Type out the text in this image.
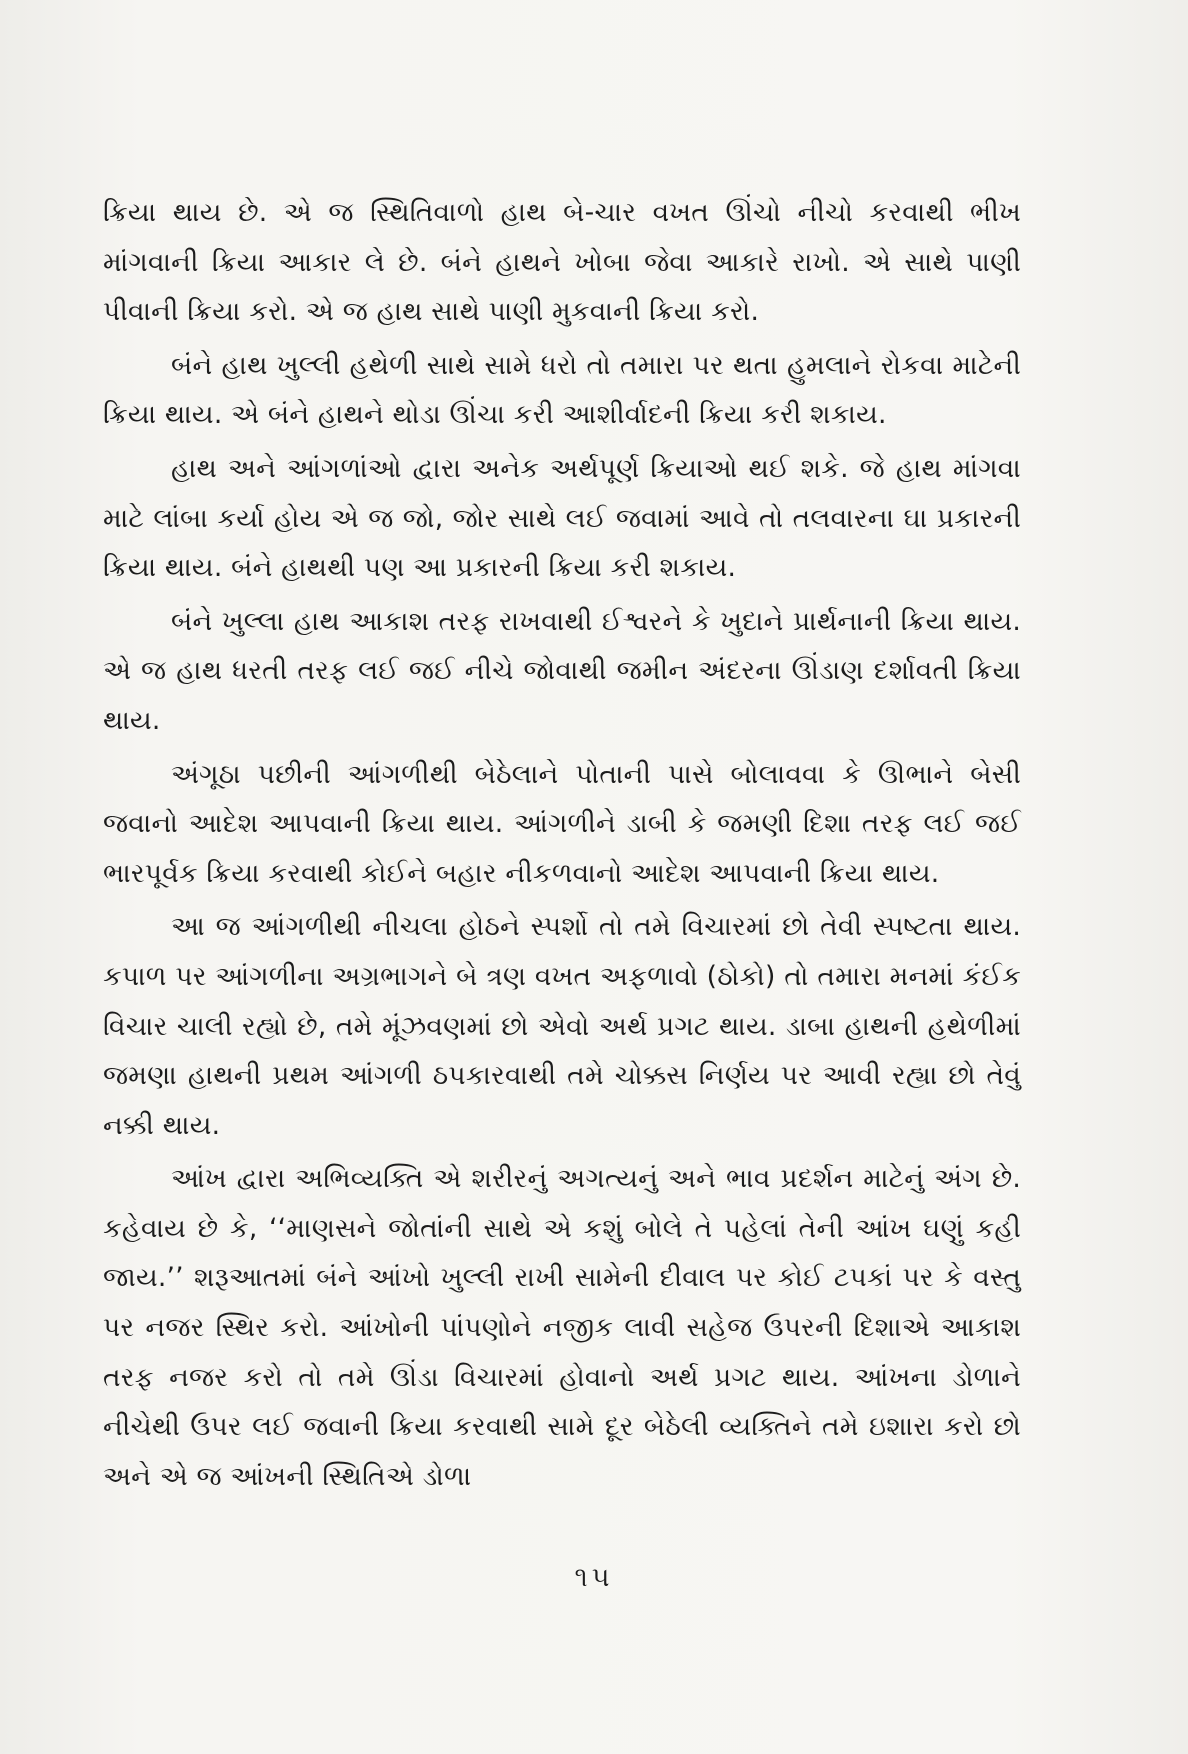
ક્રિયા થાય છે. એ જ સ્થિતિવાળો હાથ બે-ચાર વખત ઊંચો નીચો કરવાથી ભીખ માંગવાની ક્રિયા આકાર લે છે. બંને હાથને ખોબા જેવા આકારે રાખો. એ સાથે પાણી પીવાની ક્રિયા કરો. એ જ હાથ સાથે પાણી મુકવાની ક્રિયા કરો.

બંને હાથ ખુલ્લી હથેળી સાથે સામે ધરો તો તમારા પર થતા હુમલાને રોકવા માટેની ક્રિયા થાય. એ બંને હાથને થોડા ઊંચા કરી આશીર્વાદની ક્રિયા કરી શકાય.

હાથ અને આંગળાંઓ દ્વારા અનેક અર્થપૂર્ણ ક્રિયાઓ થઈ શકે. જે હાથ માંગવા માટે લાંબા કર્યા હોય એ જ જો, જોર સાથે લઈ જવામાં આવે તો તલવારના ઘા પ્રકારની ક્રિયા થાય. બંને હાથથી પણ આ પ્રકારની ક્રિયા કરી શકાય.

બંને ખુલ્લા હાથ આકાશ તરફ રાખવાથી ઈશ્વરને કે ખુદાને પ્રાર્થનાની ક્રિયા થાય. એ જ હાથ ધરતી તરફ લઈ જઈ નીચે જોવાથી જમીન અંદરના ઊંડાણ દર્શાવતી ક્રિયા થાય.

અંગૂઠા પછીની આંગળીથી બેઠેલાને પોતાની પાસે બોલાવવા કે ઊભાને બેસી જવાનો આદેશ આપવાની ક્રિયા થાય. આંગળીને ડાબી કે જમણી દિશા તરફ લઈ જઈ ભારપૂર્વક ક્રિયા કરવાથી કોઈને બહાર નીકળવાનો આદેશ આપવાની ક્રિયા થાય.

આ જ આંગળીથી નીચલા હોઠને સ્પર્શો તો તમે વિચારમાં છો તેવી સ્પષ્ટતા થાય. કપાળ પર આંગળીના અગ્રભાગને બે ત્રણ વખત અફળાવો (ઠોકો) તો તમારા મનમાં કંઈક વિચાર ચાલી રહ્યો છે, તમે મૂંઝવણમાં છો એવો અર્થ પ્રગટ થાય. ડાબા હાથની હથેળીમાં જમણા હાથની પ્રથમ આંગળી ઠપકારવાથી તમે ચોક્કસ નિર્ણય પર આવી રહ્યા છો તેવું નક્કી થાય.

આંખ દ્વારા અભિવ્યક્તિ એ શરીરનું અગત્યનું અને ભાવ પ્રદર્શન માટેનું અંગ છે. કહેવાય છે કે, ‘‘માણસને જોતાંની સાથે એ કશું બોલે તે પહેલાં તેની આંખ ઘણું કહી જાય.’’ શરૂઆતમાં બંને આંખો ખુલ્લી રાખી સામેની દીવાલ પર કોઈ ટપકાં પર કે વસ્તુ પર નજર સ્થિર કરો. આંખોની પાંપણોને નજીક લાવી સહેજ ઉપરની દિશાએ આકાશ તરફ નજર કરો તો તમે ઊંડા વિચારમાં હોવાનો અર્થ પ્રગટ થાય. આંખના ડોળાને નીચેથી ઉપર લઈ જવાની ક્રિયા કરવાથી સામે દૂર બેઠેલી વ્યક્તિને તમે ઇશારા કરો છો અને એ જ આંખની સ્થિતિએ ડોળા

૧૫
